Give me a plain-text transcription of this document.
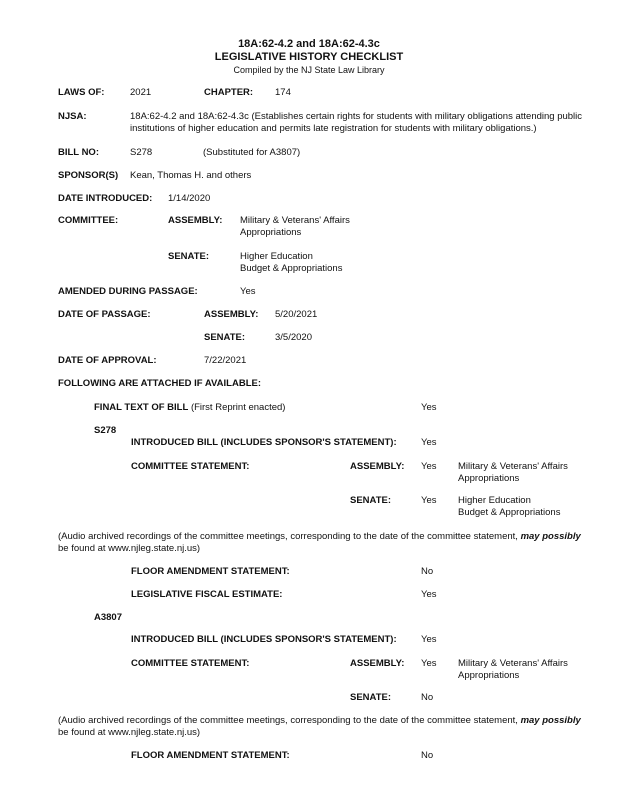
18A:62-4.2 and 18A:62-4.3c
LEGISLATIVE HISTORY CHECKLIST
Compiled by the NJ State Law Library
LAWS OF:	2021	CHAPTER: 174
NJSA:	18A:62-4.2 and 18A:62-4.3c (Establishes certain rights for students with military obligations attending public
institutions of higher education and permits late registration for students with military obligations.)
BILL NO:	S278	(Substituted for A3807)
SPONSOR(S) Kean, Thomas H. and others
DATE INTRODUCED: 1/14/2020
COMMITTEE:	ASSEMBLY: Military & Veterans' Affairs
Appropriations
SENATE:	Higher Education
Budget & Appropriations
AMENDED DURING PASSAGE:	Yes
DATE OF PASSAGE:	ASSEMBLY: 5/20/2021
SENATE:	3/5/2020
DATE OF APPROVAL:	7/22/2021
FOLLOWING ARE ATTACHED IF AVAILABLE:
FINAL TEXT OF BILL (First Reprint enacted)	Yes
S278
INTRODUCED BILL (INCLUDES SPONSOR'S STATEMENT):	Yes
COMMITTEE STATEMENT:	ASSEMBLY: Yes Military & Veterans' Affairs
Appropriations
SENATE:	Yes Higher Education
Budget & Appropriations
(Audio archived recordings of the committee meetings, corresponding to the date of the committee statement, may possibly
be found at www.njleg.state.nj.us)
FLOOR AMENDMENT STATEMENT:	No
LEGISLATIVE FISCAL ESTIMATE:	Yes
A3807
INTRODUCED BILL (INCLUDES SPONSOR'S STATEMENT):	Yes
COMMITTEE STATEMENT:	ASSEMBLY: Yes Military & Veterans' Affairs
Appropriations
SENATE:	No
(Audio archived recordings of the committee meetings, corresponding to the date of the committee statement, may possibly
be found at www.njleg.state.nj.us)
FLOOR AMENDMENT STATEMENT:	No
